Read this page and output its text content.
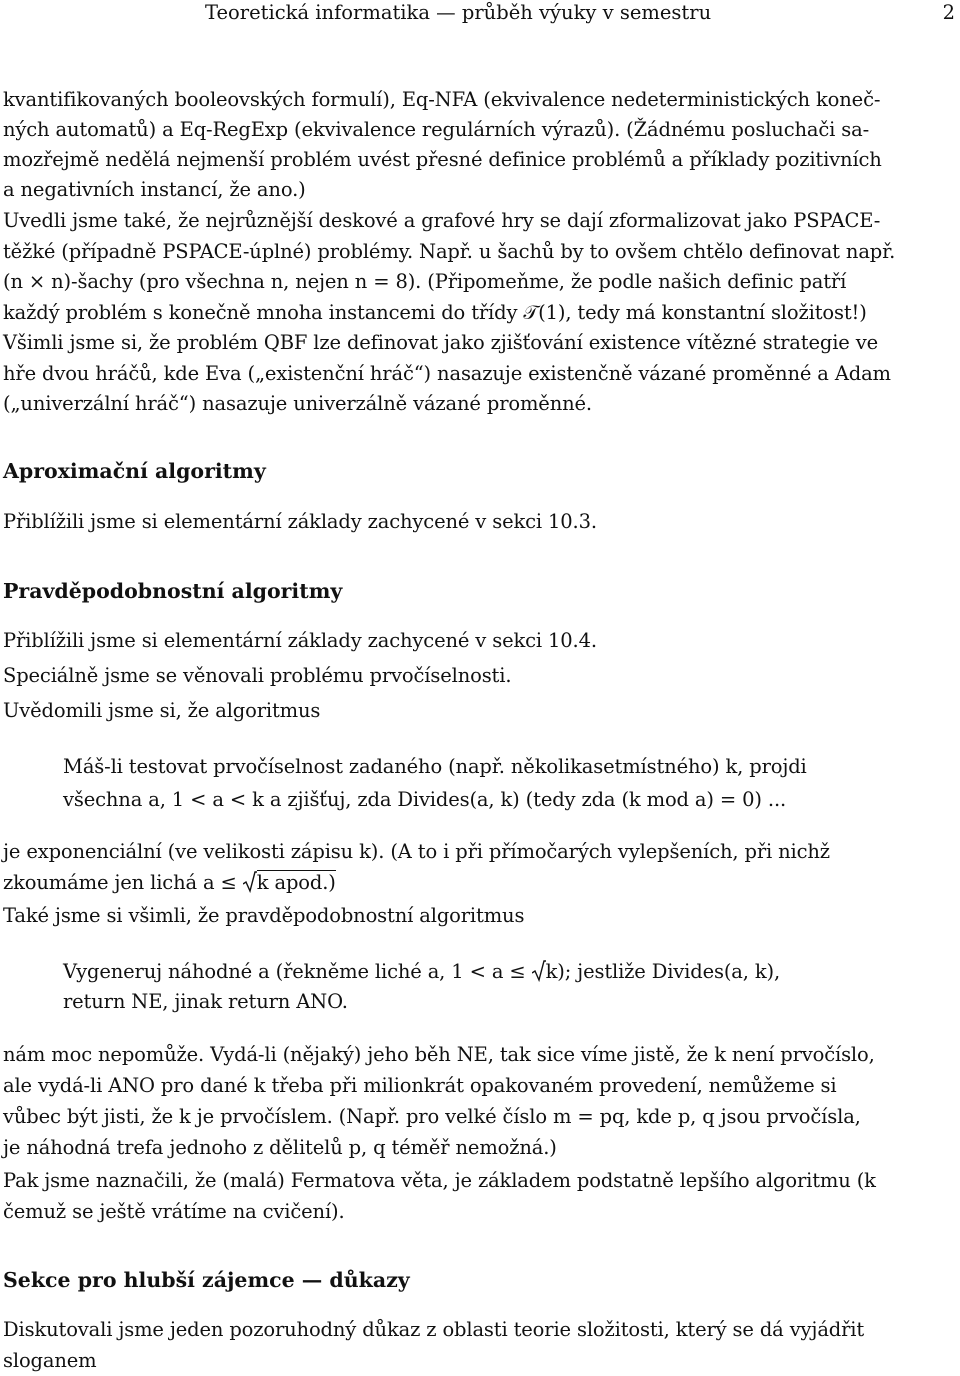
Teoretická informatika — průběh výuky v semestru	2
kvantifikovaných booleovských formulí), Eq-NFA (ekvivalence nedeterministických koneč-
ných automatů) a Eq-RegExp (ekvivalence regulárních výrazů). (Žádnému posluchači sa-
mozřejmě nedělá nejmenší problém uvést přesné definice problémů a příklady pozitivních
a negativních instancí, že ano.)
Uvedli jsme také, že nejrůznější deskové a grafové hry se dají zformalizovat jako PSPACE-
těžké (případně PSPACE-úplné) problémy. Např. u šachů by to ovšem chtělo definovat např.
(n × n)-šachy (pro všechna n, nejen n = 8). (Připomeňme, že podle našich definic patří
každý problém s konečně mnoha instancemi do třídy 𝒯(1), tedy má konstantní složitost!)
Všimli jsme si, že problém QBF lze definovat jako zjišťování existence vítězné strategie ve
hře dvou hráčů, kde Eva („existenční hráč“) nasazuje existenčně vázané proměnné a Adam
(„univerzální hráč“) nasazuje univerzálně vázané proměnné.
Aproximační algoritmy
Přiblížili jsme si elementární základy zachycené v sekci 10.3.
Pravděpodobnostní algoritmy
Přiblížili jsme si elementární základy zachycené v sekci 10.4.
Speciálně jsme se věnovali problému prvočíselnosti.
Uvědomili jsme si, že algoritmus
Máš-li testovat prvočíselnost zadaného (např. několikasetmístného) k, projdi
všechna a, 1 < a < k a zjišťuj, zda Divides(a, k) (tedy zda (k mod a) = 0) ...
je exponenciální (ve velikosti zápisu k). (A to i při přímočarých vylepšeních, při nichž
zkoumáme jen lichá a ≤ k apod.)
Také jsme si všimli, že pravděpodobnostní algoritmus
Vygeneruj náhodné a (řekněme liché a, 1 < a ≤ k); jestliže Divides(a, k),
return NE, jinak return ANO.
nám moc nepomůže. Vydá-li (nějaký) jeho běh NE, tak sice víme jistě, že k není prvočíslo,
ale vydá-li ANO pro dané k třeba při milionkrát opakovaném provedení, nemůžeme si
vůbec být jisti, že k je prvočíslem. (Např. pro velké číslo m = pq, kde p, q jsou prvočísla,
je náhodná trefa jednoho z dělitelů p, q téměř nemožná.)
Pak jsme naznačili, že (malá) Fermatova věta, je základem podstatně lepšího algoritmu (k
čemuž se ještě vrátíme na cvičení).
Sekce pro hlubší zájemce — důkazy
Diskutovali jsme jeden pozoruhodný důkaz z oblasti teorie složitosti, který se dá vyjádřit
sloganem
